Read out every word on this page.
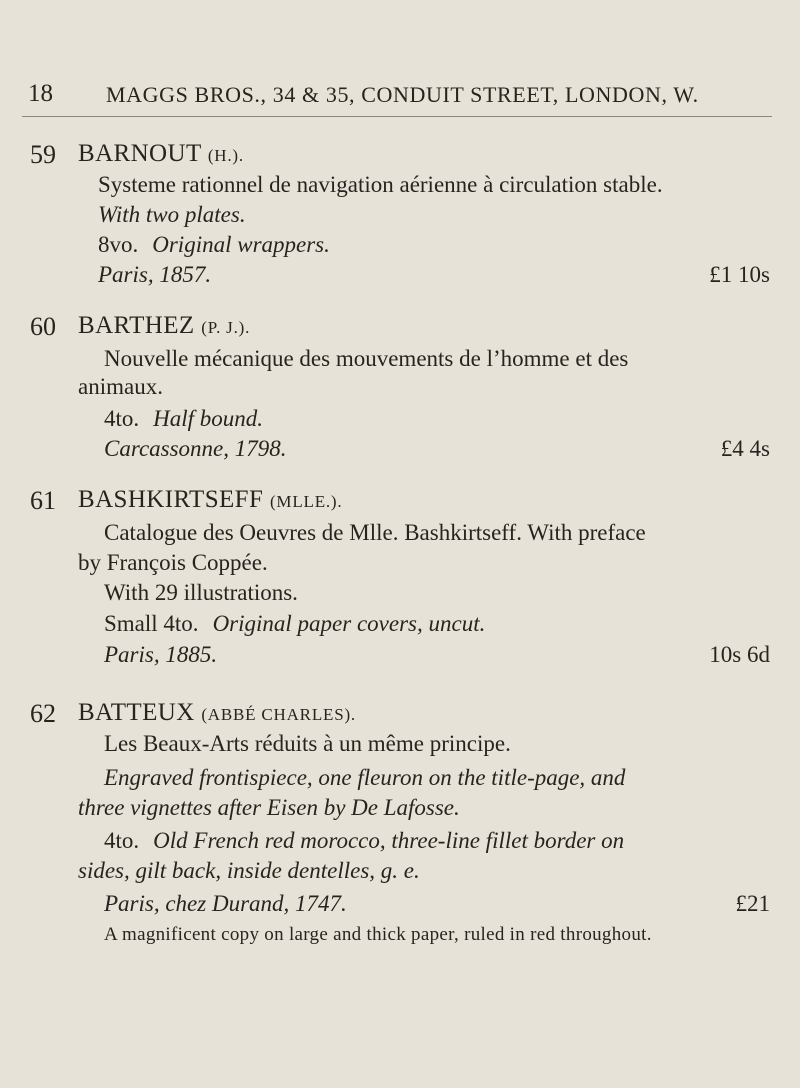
18 MAGGS BROS., 34 & 35, CONDUIT STREET, LONDON, W.
59 BARNOUT (H.).
Systeme rationnel de navigation aérienne à circulation stable.
With two plates.
8vo. Original wrappers.
Paris, 1857.	£1 10s
60 BARTHEZ (P. J.).
Nouvelle mécanique des mouvements de l’homme et des
animaux.
4to. Half bound.
Carcassonne, 1798.	£4 4s
61 BASHKIRTSEFF (MLLE.).
Catalogue des Oeuvres de Mlle. Bashkirtseff. With preface
by François Coppée.
With 29 illustrations.
Small 4to. Original paper covers, uncut.
Paris, 1885.	10s 6d
62 BATTEUX (ABBÉ CHARLES).
Les Beaux-Arts réduits à un même principe.
Engraved frontispiece, one fleuron on the title-page, and
three vignettes after Eisen by De Lafosse.
4to. Old French red morocco, three-line fillet border on
sides, gilt back, inside dentelles, g. e.
Paris, chez Durand, 1747.	£21
A magnificent copy on large and thick paper, ruled in red throughout.
